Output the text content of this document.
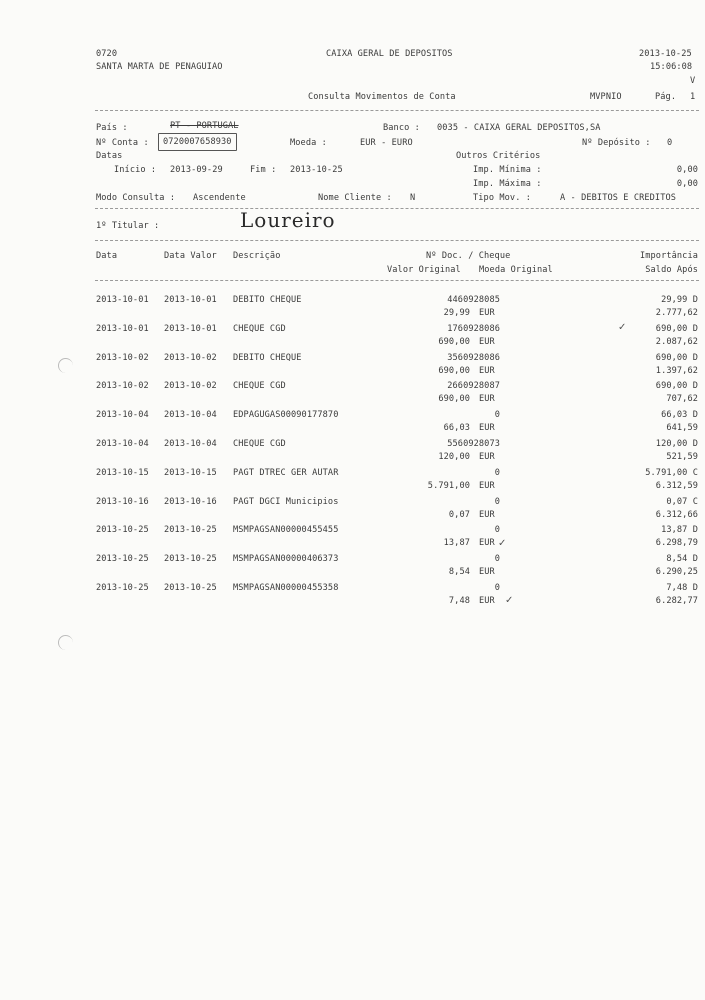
0720
SANTA MARTA DE PENAGUIAO
CAIXA GERAL DE DEPOSITOS
Consulta Movimentos de Conta
2013-10-25
15:06:08
V
MVPNIO	Pág. 1
País :	PT - PORTUGAL	Banco : 0035 - CAIXA GERAL DEPOSITOS,SA
Nº Conta :	0720007658930	Moeda :	EUR - EURO	Nº Depósito : 0
Datas	Outros Critérios
Início : 2013-09-29	Fim : 2013-10-25	Imp. Mínima :	0,00
Imp. Máxima :	0,00
Modo Consulta : Ascendente	Nome Cliente : N	Tipo Mov. :	A - DEBITOS E CREDITOS
1º Titular :	Loureiro
Data	Data Valor Descrição	Nº Doc. / Cheque
Valor Original Moeda Original
Importância
Saldo Após
2013-10-01 2013-10-01 DEBITO CHEQUE	4460928085	29,99 D
29,99 EUR	2.777,62
2013-10-01 2013-10-01 CHEQUE CGD	1760928086	690,00 D
690,00 EUR	2.087,62
2013-10-02 2013-10-02 DEBITO CHEQUE	3560928086	690,00 D
690,00 EUR	1.397,62
2013-10-02 2013-10-02 CHEQUE CGD	2660928087	690,00 D
690,00 EUR	707,62
2013-10-04 2013-10-04 EDPAGUGAS00090177870	0	66,03 D
66,03 EUR	641,59
2013-10-04 2013-10-04 CHEQUE CGD	5560928073	120,00 D
120,00 EUR	521,59
2013-10-15 2013-10-15 PAGT DTREC GER AUTAR	0	5.791,00 C
5.791,00 EUR	6.312,59
2013-10-16 2013-10-16 PAGT DGCI Municipios	0	0,07 C
0,07 EUR	6.312,66
2013-10-25 2013-10-25 MSMPAGSAN00000455455	0	13,87 D
13,87 EUR	6.298,79
2013-10-25 2013-10-25 MSMPAGSAN00000406373	0	8,54 D
8,54 EUR	6.290,25
2013-10-25 2013-10-25 MSMPAGSAN00000455358	0	7,48 D
7,48 EUR	6.282,77
✓
✓
✓
